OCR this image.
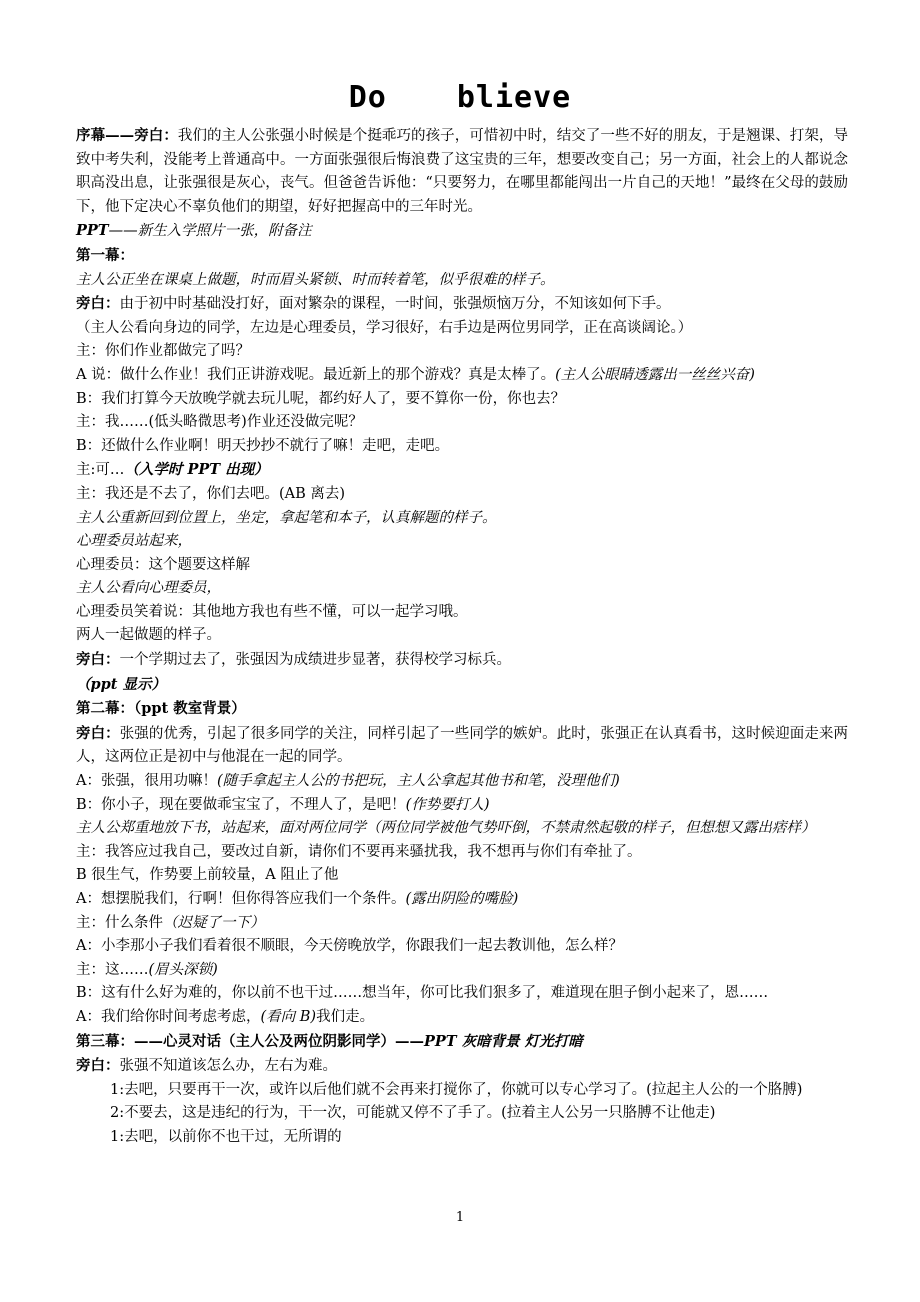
Do blieve
序幕——旁白：我们的主人公张强小时候是个挺乖巧的孩子，可惜初中时，结交了一些不好的朋友，于是翘课、打架，导致中考失利，没能考上普通高中。一方面张强很后悔浪费了这宝贵的三年，想要改变自己；另一方面，社会上的人都说念职高没出息，让张强很是灰心，丧气。但爸爸告诉他：“只要努力，在哪里都能闯出一片自己的天地！”最终在父母的鼓励下，他下定决心不辜负他们的期望，好好把握高中的三年时光。
PPT——新生入学照片一张，附备注
第一幕：
主人公正坐在课桌上做题，时而眉头紧锁、时而转着笔，似乎很难的样子。
旁白：由于初中时基础没打好，面对繁杂的课程，一时间，张强烦恼万分，不知该如何下手。
（主人公看向身边的同学，左边是心理委员，学习很好，右手边是两位男同学，正在高谈阔论。）
主：你们作业都做完了吗？
A 说：做什么作业！我们正讲游戏呢。最近新上的那个游戏？真是太棒了。(主人公眼睛透露出一丝丝兴奋)
B：我们打算今天放晚学就去玩儿呢，都约好人了，要不算你一份，你也去？
主：我……(低头略微思考)作业还没做完呢？
B：还做什么作业啊！明天抄抄不就行了嘛！走吧，走吧。
主:可…（入学时 PPT 出现）
主：我还是不去了，你们去吧。(AB 离去)
主人公重新回到位置上，坐定，拿起笔和本子，认真解题的样子。
心理委员站起来，
心理委员：这个题要这样解
主人公看向心理委员，
心理委员笑着说：其他地方我也有些不懂，可以一起学习哦。
两人一起做题的样子。
旁白：一个学期过去了，张强因为成绩进步显著，获得校学习标兵。
（ppt 显示）
第二幕：（ppt 教室背景）
旁白：张强的优秀，引起了很多同学的关注，同样引起了一些同学的嫉妒。此时，张强正在认真看书，这时候迎面走来两人，这两位正是初中与他混在一起的同学。
A：张强，很用功嘛！(随手拿起主人公的书把玩，主人公拿起其他书和笔，没理他们)
B：你小子，现在要做乖宝宝了，不理人了，是吧！(作势要打人)
主人公郑重地放下书，站起来，面对两位同学（两位同学被他气势吓倒，不禁肃然起敬的样子，但想想又露出痞样）
主：我答应过我自己，要改过自新，请你们不要再来骚扰我，我不想再与你们有牵扯了。
B 很生气，作势要上前较量，A 阻止了他
A：想摆脱我们，行啊！但你得答应我们一个条件。(露出阴险的嘴脸)
主：什么条件（迟疑了一下）
A：小李那小子我们看着很不顺眼，今天傍晚放学，你跟我们一起去教训他，怎么样？
主：这……(眉头深锁)
B：这有什么好为难的，你以前不也干过……想当年，你可比我们狠多了，难道现在胆子倒小起来了，恩……
A：我们给你时间考虑考虑，(看向 B)我们走。
第三幕：——心灵对话（主人公及两位阴影同学）——PPT 灰暗背景 灯光打暗
旁白：张强不知道该怎么办，左右为难。
1:去吧，只要再干一次，或许以后他们就不会再来打搅你了，你就可以专心学习了。(拉起主人公的一个胳膊)
2:不要去，这是违纪的行为，干一次，可能就又停不了手了。(拉着主人公另一只胳膊不让他走)
1:去吧，以前你不也干过，无所谓的
1
